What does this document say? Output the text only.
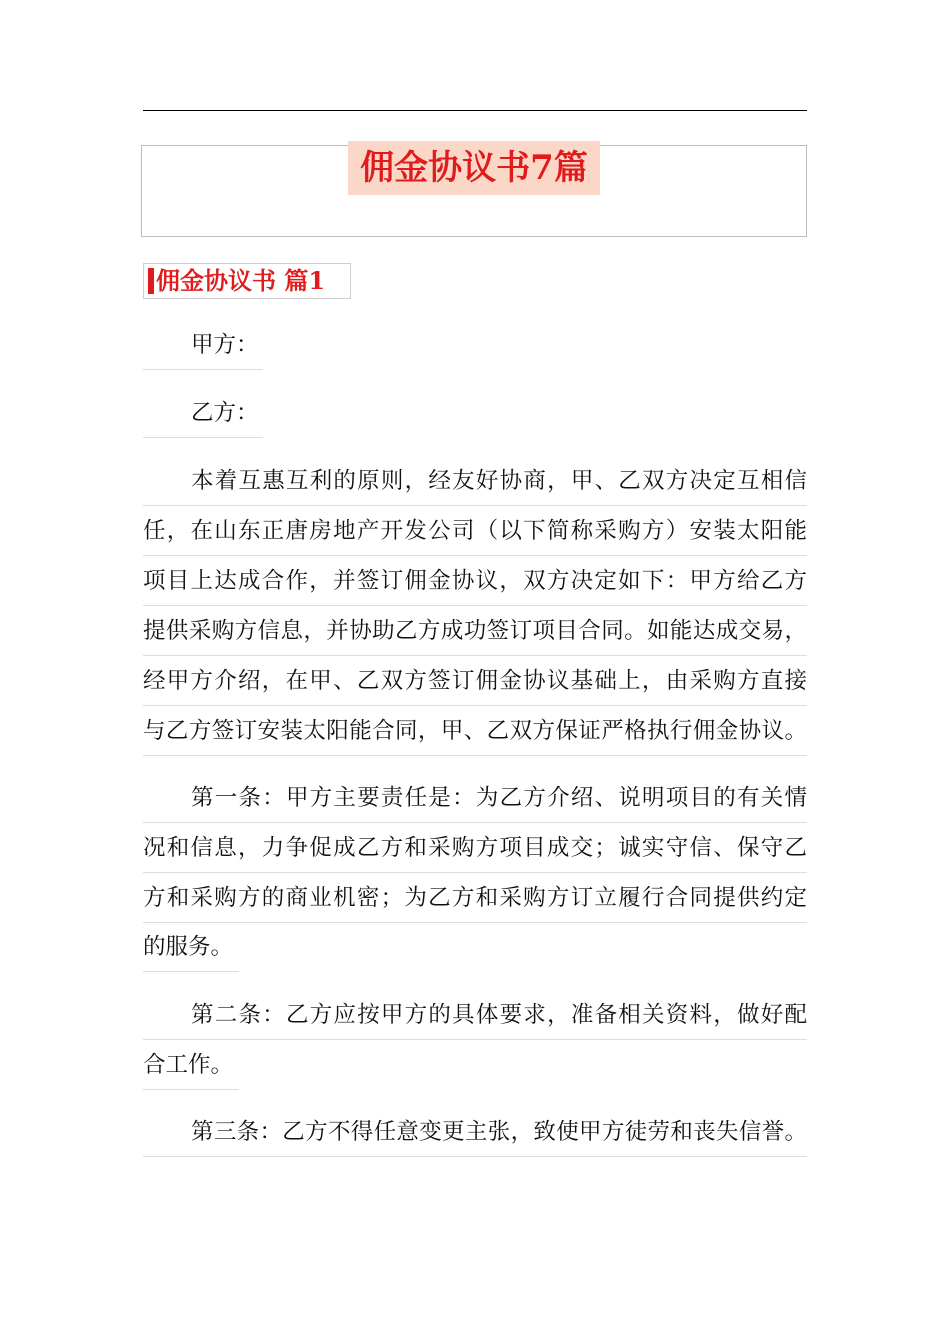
佣金协议书7篇
佣金协议书 篇1
甲方：
乙方：
本着互惠互利的原则，经友好协商，甲、乙双方决定互相信
任，在山东正唐房地产开发公司（以下简称采购方）安装太阳能
项目上达成合作，并签订佣金协议，双方决定如下：甲方给乙方
提供采购方信息，并协助乙方成功签订项目合同。如能达成交易，
经甲方介绍，在甲、乙双方签订佣金协议基础上，由采购方直接
与乙方签订安装太阳能合同，甲、乙双方保证严格执行佣金协议。
第一条：甲方主要责任是：为乙方介绍、说明项目的有关情
况和信息，力争促成乙方和采购方项目成交；诚实守信、保守乙
方和采购方的商业机密；为乙方和采购方订立履行合同提供约定
的服务。
第二条：乙方应按甲方的具体要求，准备相关资料，做好配
合工作。
第三条：乙方不得任意变更主张，致使甲方徒劳和丧失信誉。
